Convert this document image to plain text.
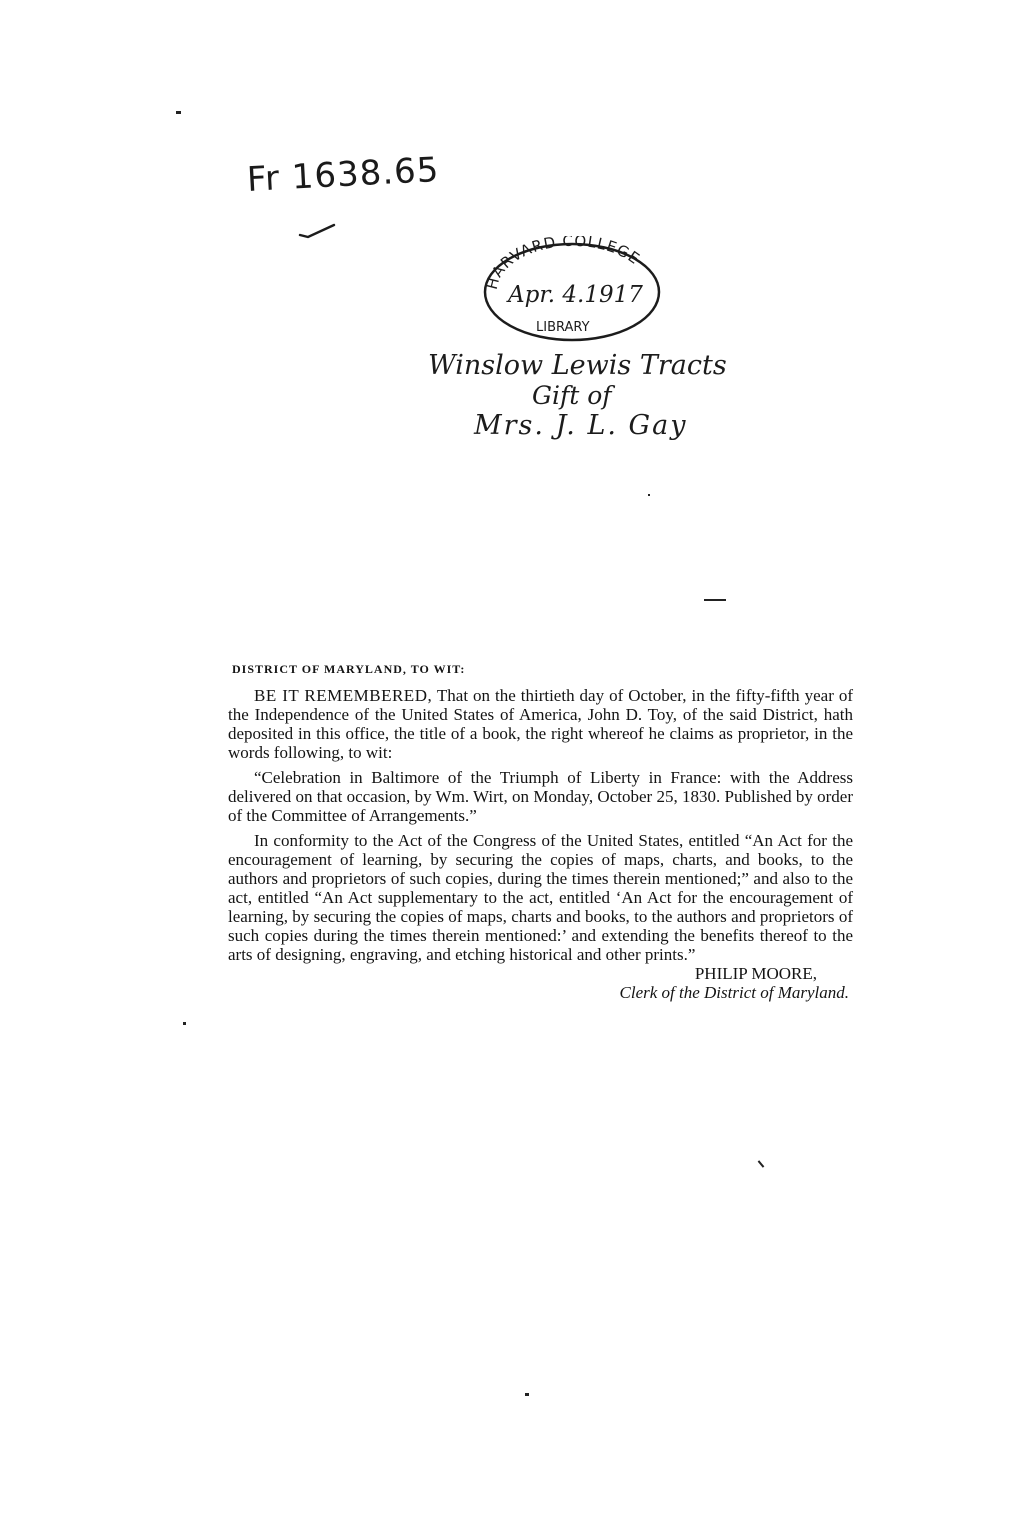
Fr 1638.65
HARVARD COLLEGE
Apr. 4.1917
LIBRARY
Winslow Lewis Tracts
Gift of
Mrs. J. L. Gay
DISTRICT OF MARYLAND, TO WIT:

BE IT REMEMBERED, That on the thirtieth day of October, in the fifty-fifth year of the Independence of the United States of America, John D. Toy, of the said District, hath deposited in this office, the title of a book, the right whereof he claims as proprietor, in the words following, to wit:

“Celebration in Baltimore of the Triumph of Liberty in France: with the Address delivered on that occasion, by Wm. Wirt, on Monday, October 25, 1830. Published by order of the Committee of Arrangements.”

In conformity to the Act of the Congress of the United States, entitled “An Act for the encouragement of learning, by securing the copies of maps, charts, and books, to the authors and proprietors of such copies, during the times therein mentioned;” and also to the act, entitled “An Act supplementary to the act, entitled ‘An Act for the encouragement of learning, by securing the copies of maps, charts and books, to the authors and proprietors of such copies during the times therein mentioned:’ and extending the benefits thereof to the arts of designing, engraving, and etching historical and other prints.”

PHILIP MOORE,
Clerk of the District of Maryland.
